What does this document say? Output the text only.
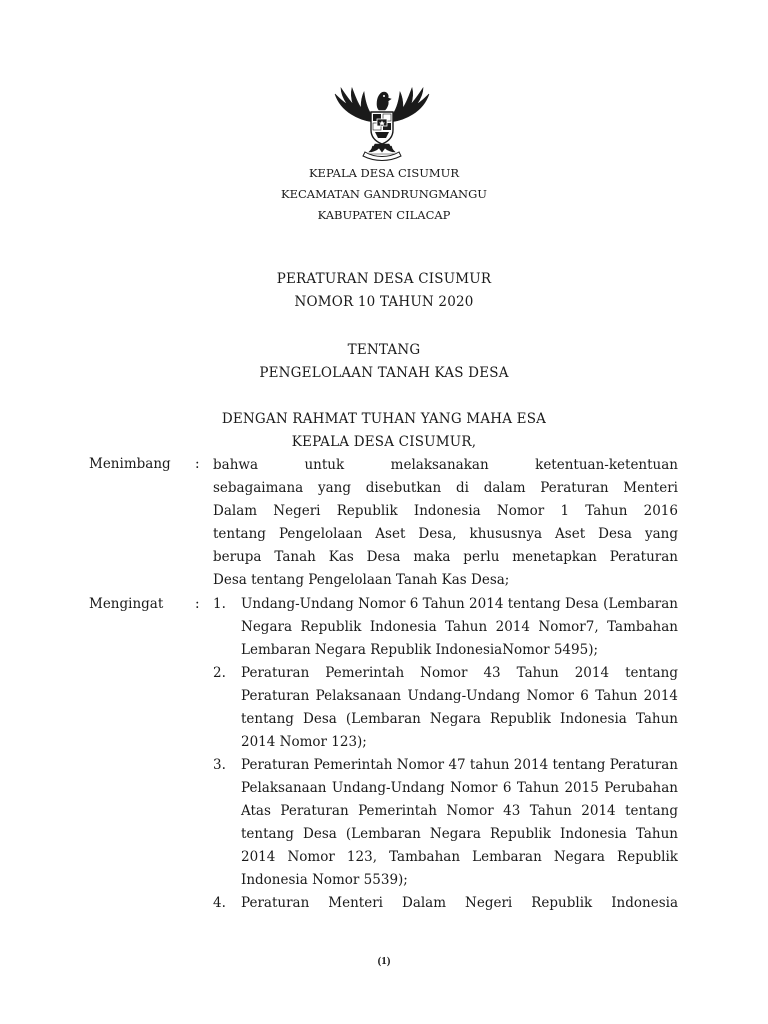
KEPALA DESA CISUMUR
KECAMATAN GANDRUNGMANGU
KABUPATEN CILACAP
PERATURAN DESA CISUMUR
NOMOR 10 TAHUN 2020
TENTANG
PENGELOLAAN TANAH KAS DESA
DENGAN RAHMAT TUHAN YANG MAHA ESA
KEPALA DESA CISUMUR,
Menimbang : bahwa untuk melaksanakan ketentuan-ketentuan
sebagaimana yang disebutkan di dalam Peraturan Menteri
Dalam Negeri Republik Indonesia Nomor 1 Tahun 2016
tentang Pengelolaan Aset Desa, khususnya Aset Desa yang
berupa Tanah Kas Desa maka perlu menetapkan Peraturan
Desa tentang Pengelolaan Tanah Kas Desa;
Mengingat : 1.	Undang-Undang Nomor 6 Tahun 2014 tentang Desa (Lembaran Negara Republik Indonesia Tahun 2014 Nomor7, Tambahan Lembaran Negara Republik IndonesiaNomor 5495);
2.	Peraturan Pemerintah Nomor 43 Tahun 2014 tentang Peraturan Pelaksanaan Undang-Undang Nomor 6 Tahun 2014 tentang Desa (Lembaran Negara Republik Indonesia Tahun 2014 Nomor 123);
3.	Peraturan Pemerintah Nomor 47 tahun 2014 tentang Peraturan Pelaksanaan Undang-Undang Nomor 6 Tahun 2015 Perubahan Atas Peraturan Pemerintah Nomor 43 Tahun 2014 tentang tentang Desa (Lembaran Negara Republik Indonesia Tahun 2014 Nomor 123, Tambahan Lembaran Negara Republik Indonesia Nomor 5539);
4.	Peraturan Menteri Dalam Negeri Republik Indonesia
(1)
